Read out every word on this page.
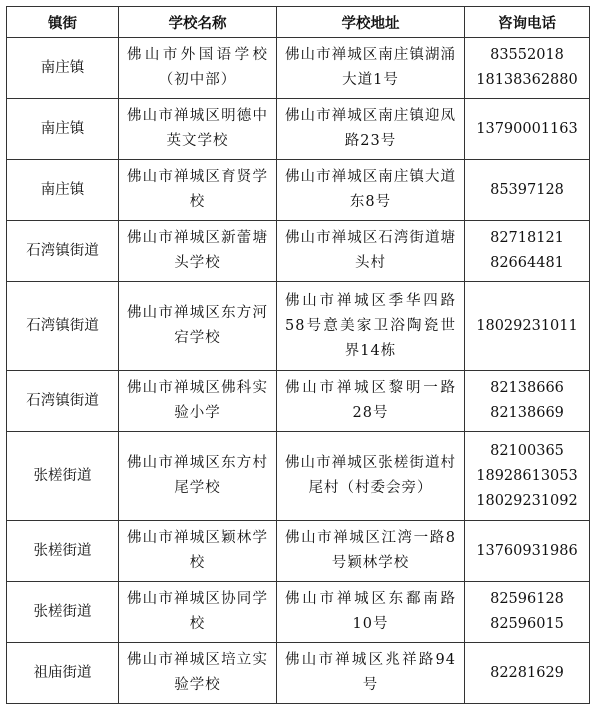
镇街	学校名称	学校地址	咨询电话
南庄镇	佛山市外国语学校（初中部）	佛山市禅城区南庄镇湖涌大道1号	83552018
18138362880

南庄镇	佛山市禅城区明德中英文学校	佛山市禅城区南庄镇迎凤路23号	13790001163

南庄镇	佛山市禅城区育贤学校	佛山市禅城区南庄镇大道东8号	85397128

石湾镇街道	佛山市禅城区新蕾塘头学校	佛山市禅城区石湾街道塘头村	82718121
82664481

石湾镇街道	佛山市禅城区东方河宕学校	佛山市禅城区季华四路58号意美家卫浴陶瓷世界14栋	18029231011

石湾镇街道	佛山市禅城区佛科实验小学	佛山市禅城区黎明一路28号	82138666
82138669

张槎街道	佛山市禅城区东方村尾学校	佛山市禅城区张槎街道村尾村（村委会旁）	82100365
18928613053
18029231092

张槎街道	佛山市禅城区颖林学校	佛山市禅城区江湾一路8号颖林学校	13760931986

张槎街道	佛山市禅城区协同学校	佛山市禅城区东鄱南路10号	82596128
82596015

祖庙街道	佛山市禅城区培立实验学校	佛山市禅城区兆祥路94号	82281629
